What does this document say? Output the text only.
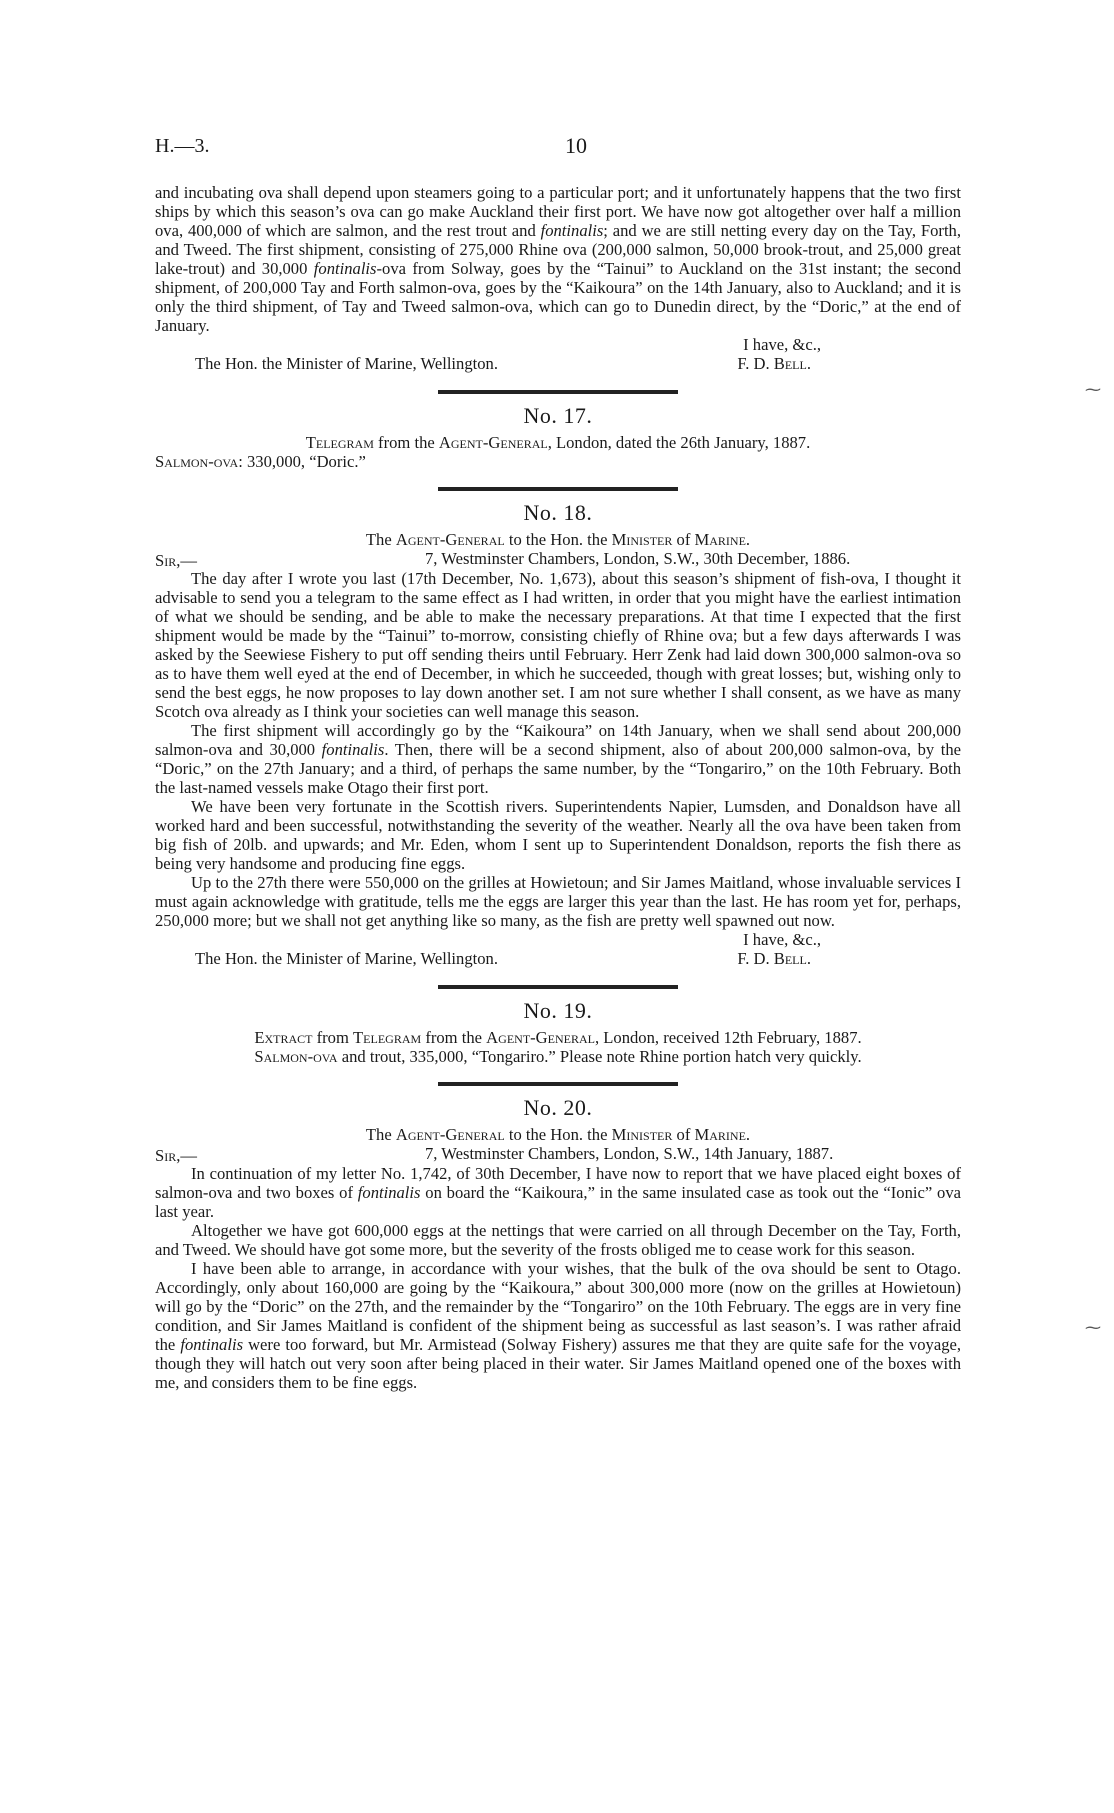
H.—3.	10

and incubating ova shall depend upon steamers going to a particular port; and it unfortunately happens that the two first ships by which this season’s ova can go make Auckland their first port. We have now got altogether over half a million ova, 400,000 of which are salmon, and the rest trout and fontinalis; and we are still netting every day on the Tay, Forth, and Tweed. The first shipment, consisting of 275,000 Rhine ova (200,000 salmon, 50,000 brook-trout, and 25,000 great lake-trout) and 30,000 fontinalis-ova from Solway, goes by the “Tainui” to Auckland on the 31st instant; the second shipment, of 200,000 Tay and Forth salmon-ova, goes by the “Kaikoura” on the 14th January, also to Auckland; and it is only the third shipment, of Tay and Tweed salmon-ova, which can go to Dunedin direct, by the “Doric,” at the end of January.

I have, &c.,

The Hon. the Minister of Marine, Wellington.	F. D. Bell.
No. 17.

Telegram from the Agent-General, London, dated the 26th January, 1887.

Salmon-ova: 330,000, “Doric.”

No. 18.

The Agent-General to the Hon. the Minister of Marine.

Sir,—	7, Westminster Chambers, London, S.W., 30th December, 1886.

The day after I wrote you last (17th December, No. 1,673), about this season’s shipment of fish-ova, I thought it advisable to send you a telegram to the same effect as I had written, in order that you might have the earliest intimation of what we should be sending, and be able to make the necessary preparations. At that time I expected that the first shipment would be made by the “Tainui” to-morrow, consisting chiefly of Rhine ova; but a few days afterwards I was asked by the Seewiese Fishery to put off sending theirs until February. Herr Zenk had laid down 300,000 salmon-ova so as to have them well eyed at the end of December, in which he succeeded, though with great losses; but, wishing only to send the best eggs, he now proposes to lay down another set. I am not sure whether I shall consent, as we have as many Scotch ova already as I think your societies can well manage this season.

The first shipment will accordingly go by the “Kaikoura” on 14th January, when we shall send about 200,000 salmon-ova and 30,000 fontinalis. Then, there will be a second shipment, also of about 200,000 salmon-ova, by the “Doric,” on the 27th January; and a third, of perhaps the same number, by the “Tongariro,” on the 10th February. Both the last-named vessels make Otago their first port.

We have been very fortunate in the Scottish rivers. Superintendents Napier, Lumsden, and Donaldson have all worked hard and been successful, notwithstanding the severity of the weather. Nearly all the ova have been taken from big fish of 20lb. and upwards; and Mr. Eden, whom I sent up to Superintendent Donaldson, reports the fish there as being very handsome and producing fine eggs.

Up to the 27th there were 550,000 on the grilles at Howietoun; and Sir James Maitland, whose invaluable services I must again acknowledge with gratitude, tells me the eggs are larger this year than the last. He has room yet for, perhaps, 250,000 more; but we shall not get anything like so many, as the fish are pretty well spawned out now.

I have, &c.,

The Hon. the Minister of Marine, Wellington.	F. D. Bell.
No. 19.

Extract from Telegram from the Agent-General, London, received 12th February, 1887.

Salmon-ova and trout, 335,000, “Tongariro.” Please note Rhine portion hatch very quickly.

No. 20.

The Agent-General to the Hon. the Minister of Marine.

Sir,—	7, Westminster Chambers, London, S.W., 14th January, 1887.

In continuation of my letter No. 1,742, of 30th December, I have now to report that we have placed eight boxes of salmon-ova and two boxes of fontinalis on board the “Kaikoura,” in the same insulated case as took out the “Ionic” ova last year.

Altogether we have got 600,000 eggs at the nettings that were carried on all through December on the Tay, Forth, and Tweed. We should have got some more, but the severity of the frosts obliged me to cease work for this season.

I have been able to arrange, in accordance with your wishes, that the bulk of the ova should be sent to Otago. Accordingly, only about 160,000 are going by the “Kaikoura,” about 300,000 more (now on the grilles at Howietoun) will go by the “Doric” on the 27th, and the remainder by the “Tongariro” on the 10th February. The eggs are in very fine condition, and Sir James Maitland is confident of the shipment being as successful as last season’s. I was rather afraid the fontinalis were too forward, but Mr. Armistead (Solway Fishery) assures me that they are quite safe for the voyage, though they will hatch out very soon after being placed in their water. Sir James Maitland opened one of the boxes with me, and considers them to be fine eggs.

⁓
⁓
